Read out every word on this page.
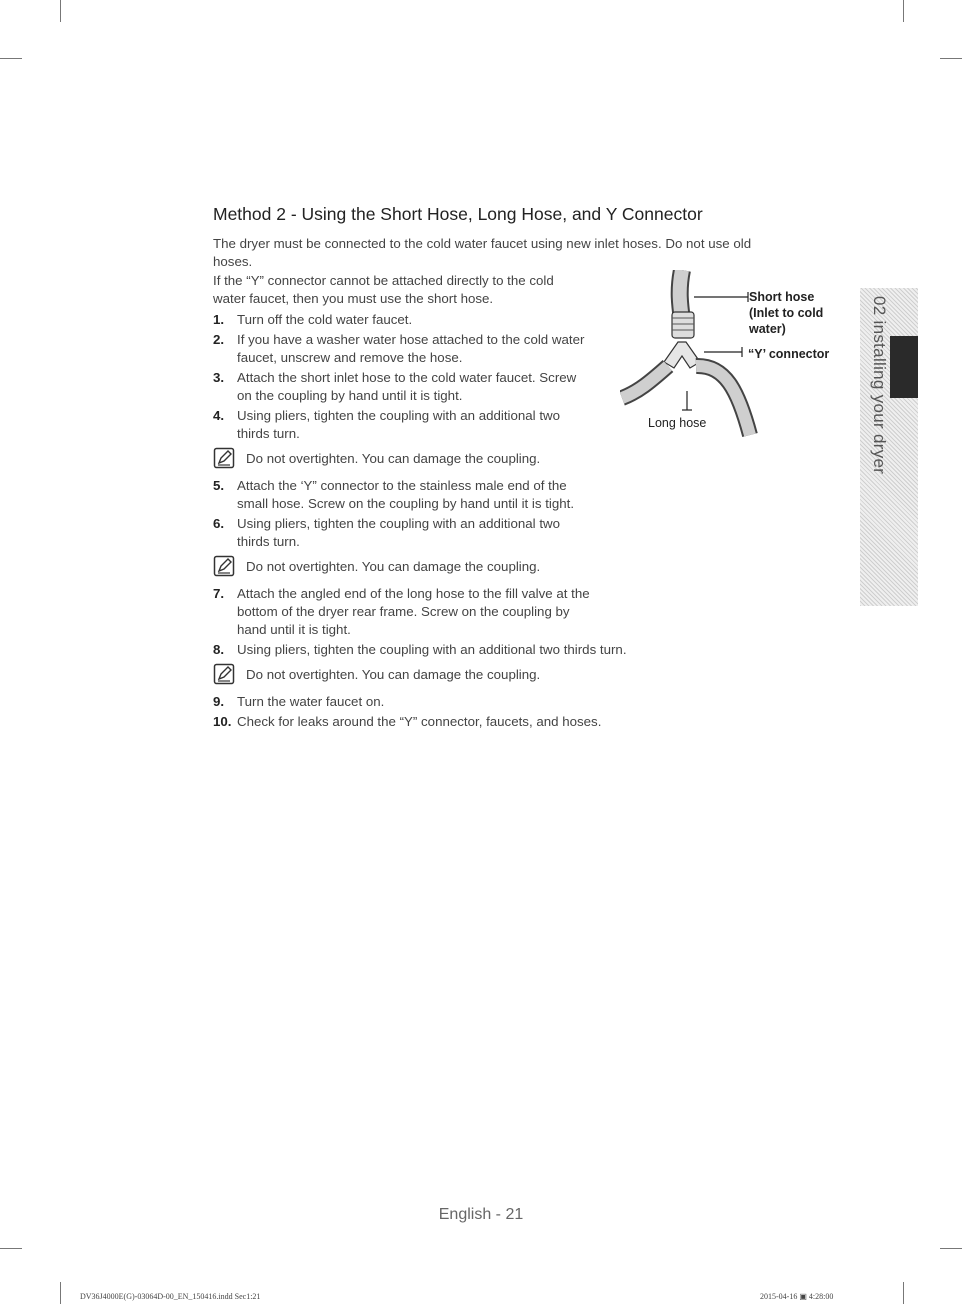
Method 2 - Using the Short Hose, Long Hose, and Y Connector
The dryer must be connected to the cold water faucet using new inlet hoses. Do not use old
hoses.
If the “Y” connector cannot be attached directly to the cold
water faucet, then you must use the short hose.
1. Turn off the cold water faucet.
2. If you have a washer water hose attached to the cold water
faucet, unscrew and remove the hose.
3. Attach the short inlet hose to the cold water faucet. Screw
on the coupling by hand until it is tight.
4. Using pliers, tighten the coupling with an additional two
thirds turn.
Do not overtighten. You can damage the coupling.
5. Attach the ‘Y” connector to the stainless male end of the
small hose. Screw on the coupling by hand until it is tight.
6. Using pliers, tighten the coupling with an additional two
thirds turn.
Do not overtighten. You can damage the coupling.
7. Attach the angled end of the long hose to the fill valve at the
bottom of the dryer rear frame. Screw on the coupling by
hand until it is tight.
8. Using pliers, tighten the coupling with an additional two thirds turn.
Do not overtighten. You can damage the coupling.
9. Turn the water faucet on.
10. Check for leaks around the “Y” connector, faucets, and hoses.
Short hose
(Inlet to cold
water)
“Y’ connector
Long hose	02 installing your dryer
English - 21
DV36J4000E(G)-03064D-00_EN_150416.indd Sec1:21	2015-04-16 ▣ 4:28:00
